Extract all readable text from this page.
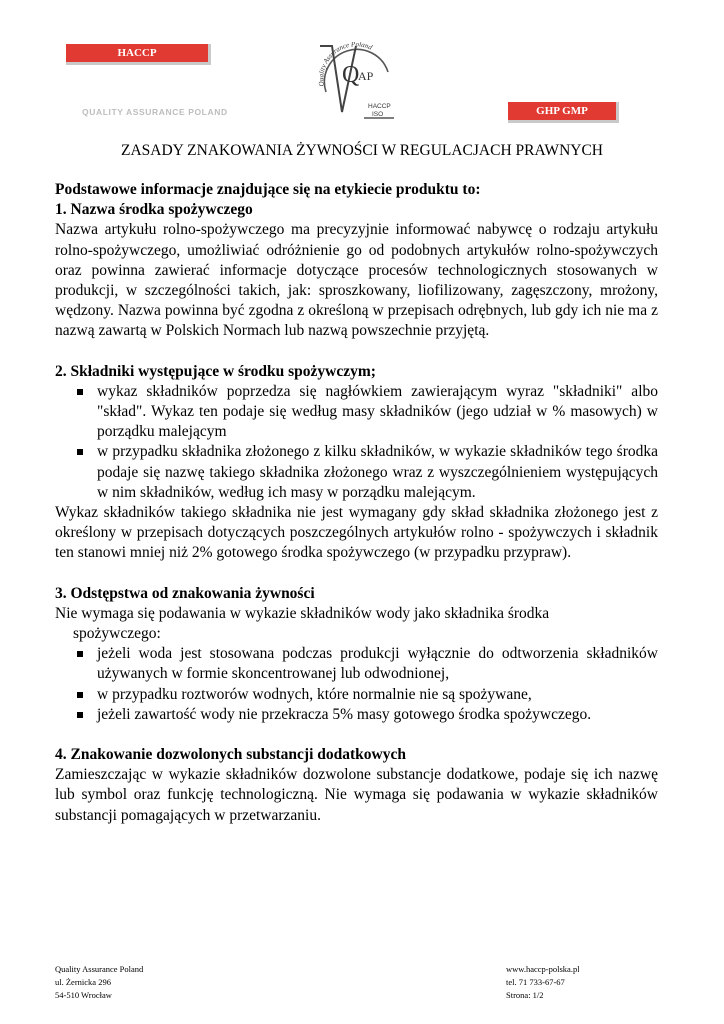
HACCP
QUALITY ASSURANCE POLAND
Quality Assurance Poland
Q
AP
HACCP
ISO	GHP GMP
ZASADY ZNAKOWANIA ŻYWNOŚCI W REGULACJACH PRAWNYCH

Podstawowe informacje znajdujące się na etykiecie produktu to:

1. Nazwa środka spożywczego

Nazwa artykułu rolno-spożywczego ma precyzyjnie informować nabywcę o rodzaju artykułu rolno-spożywczego, umożliwiać odróżnienie go od podobnych artykułów rolno-spożywczych oraz powinna zawierać informacje dotyczące procesów technologicznych stosowanych w produkcji, w szczególności takich, jak: sproszkowany, liofilizowany, zagęszczony, mrożony, wędzony. Nazwa powinna być zgodna z określoną w przepisach odrębnych, lub gdy ich nie ma z nazwą zawartą w Polskich Normach lub nazwą powszechnie przyjętą.

2. Składniki występujące w środku spożywczym;

wykaz składników poprzedza się nagłówkiem zawierającym wyraz "składniki" albo "skład". Wykaz ten podaje się według masy składników (jego udział w % masowych) w porządku malejącym
w przypadku składnika złożonego z kilku składników, w wykazie składników tego środka podaje się nazwę takiego składnika złożonego wraz z wyszczególnieniem występujących w nim składników, według ich masy w porządku malejącym.

Wykaz składników takiego składnika nie jest wymagany gdy skład składnika złożonego jest z określony w przepisach dotyczących poszczególnych artykułów rolno - spożywczych i składnik ten stanowi mniej niż 2% gotowego środka spożywczego (w przypadku przypraw).

3. Odstępstwa od znakowania żywności

Nie wymaga się podawania w wykazie składników wody jako składnika środka

spożywczego:

jeżeli woda jest stosowana podczas produkcji wyłącznie do odtworzenia składników używanych w formie skoncentrowanej lub odwodnionej,
w przypadku roztworów wodnych, które normalnie nie są spożywane,
jeżeli zawartość wody nie przekracza 5% masy gotowego środka spożywczego.

4. Znakowanie dozwolonych substancji dodatkowych

Zamieszczając w wykazie składników dozwolone substancje dodatkowe, podaje się ich nazwę lub symbol oraz funkcję technologiczną. Nie wymaga się podawania w wykazie składników substancji pomagających w przetwarzaniu.

Quality Assurance Poland
ul. Żernicka 296
54-510 Wrocław
www.haccp-polska.pl
tel. 71 733-67-67
Strona: 1/2
